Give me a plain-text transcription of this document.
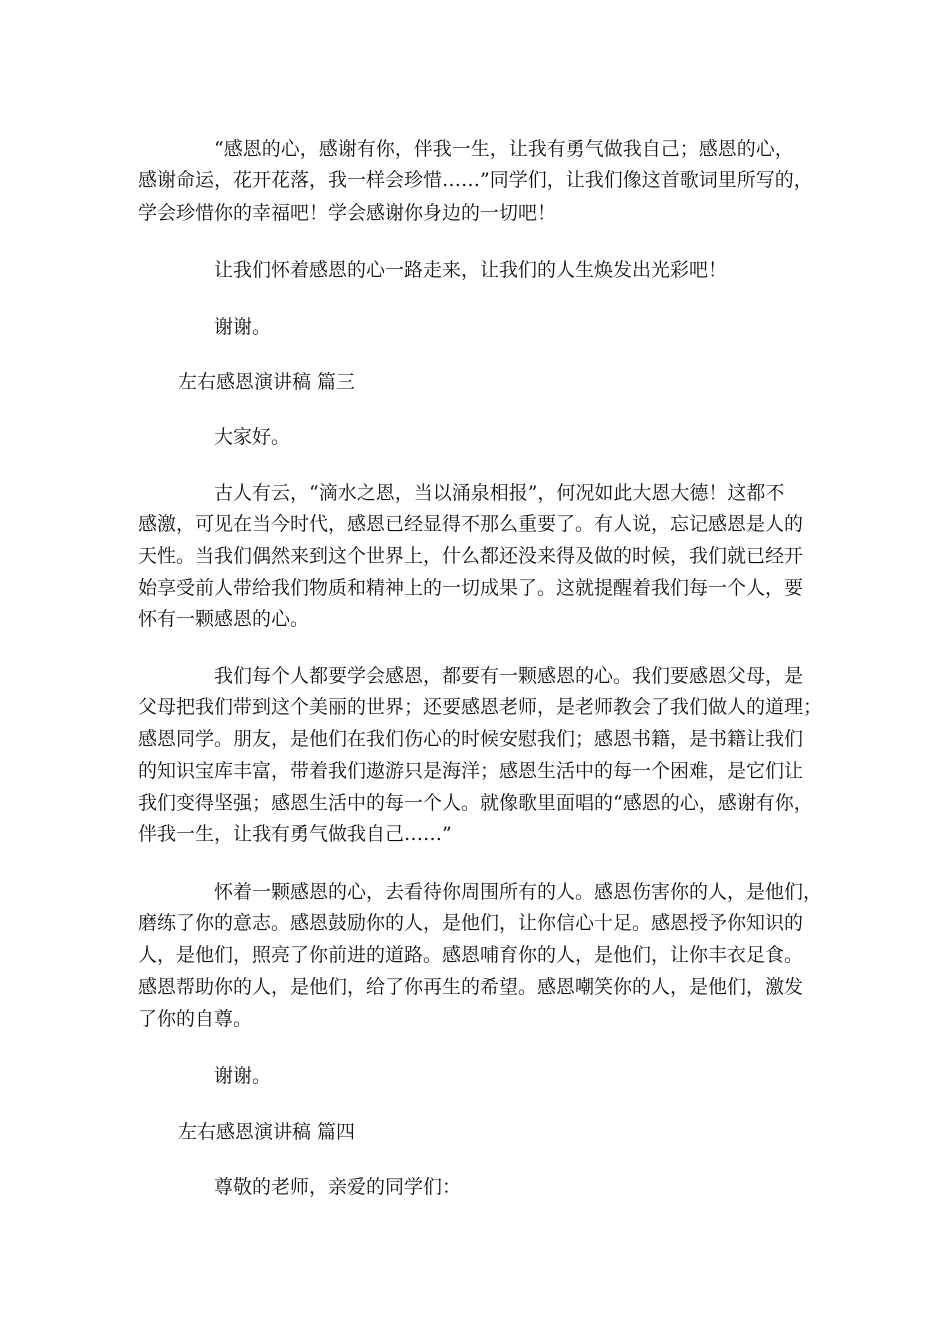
“感恩的心，感谢有你，伴我一生，让我有勇气做我自己；感恩的心，
感谢命运，花开花落，我一样会珍惜……”同学们，让我们像这首歌词里所写的，
学会珍惜你的幸福吧！学会感谢你身边的一切吧！
让我们怀着感恩的心一路走来，让我们的人生焕发出光彩吧！
谢谢。
左右感恩演讲稿 篇三
大家好。
古人有云，“滴水之恩，当以涌泉相报”，何况如此大恩大德！这都不
感激，可见在当今时代，感恩已经显得不那么重要了。有人说，忘记感恩是人的
天性。当我们偶然来到这个世界上，什么都还没来得及做的时候，我们就已经开
始享受前人带给我们物质和精神上的一切成果了。这就提醒着我们每一个人，要
怀有一颗感恩的心。
我们每个人都要学会感恩，都要有一颗感恩的心。我们要感恩父母，是
父母把我们带到这个美丽的世界；还要感恩老师，是老师教会了我们做人的道理；
感恩同学。朋友，是他们在我们伤心的时候安慰我们；感恩书籍，是书籍让我们
的知识宝库丰富，带着我们遨游只是海洋；感恩生活中的每一个困难，是它们让
我们变得坚强；感恩生活中的每一个人。就像歌里面唱的“感恩的心，感谢有你，
伴我一生，让我有勇气做我自己……”
怀着一颗感恩的心，去看待你周围所有的人。感恩伤害你的人，是他们，
磨练了你的意志。感恩鼓励你的人，是他们，让你信心十足。感恩授予你知识的
人，是他们，照亮了你前进的道路。感恩哺育你的人，是他们，让你丰衣足食。
感恩帮助你的人，是他们，给了你再生的希望。感恩嘲笑你的人，是他们，激发
了你的自尊。
谢谢。
左右感恩演讲稿 篇四
尊敬的老师，亲爱的同学们：
